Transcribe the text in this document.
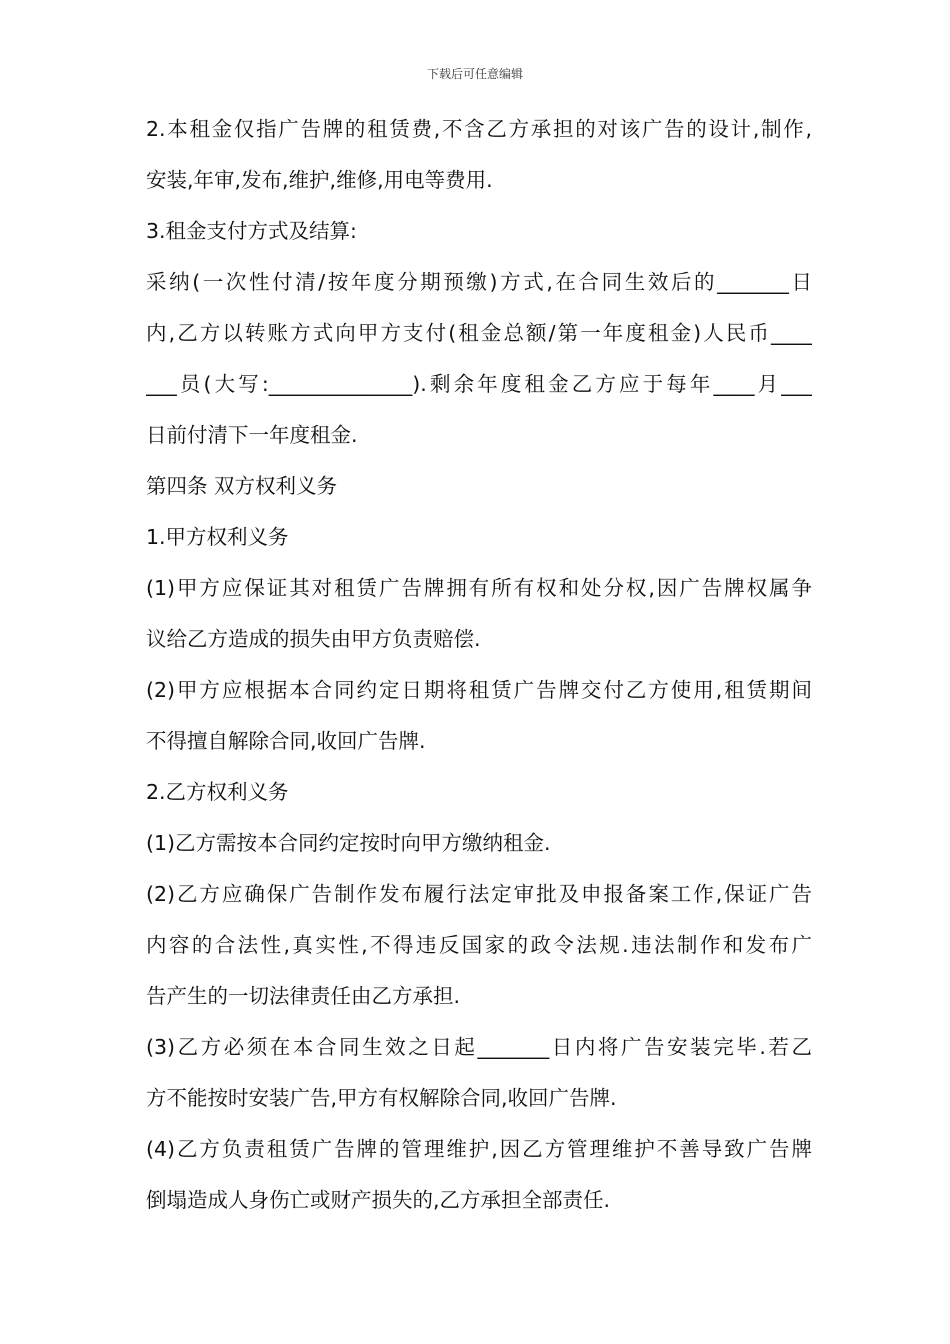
下载后可任意编辑
2.本租金仅指广告牌的租赁费,不含乙方承担的对该广告的设计,制作,
安装,年审,发布,维护,维修,用电等费用.
3.租金支付方式及结算:
采纳(一次性付清/按年度分期预缴)方式,在合同生效后的_______日
内,乙方以转账方式向甲方支付(租金总额/第一年度租金)人民币____
___员(大写:______________).剩余年度租金乙方应于每年____月___
日前付清下一年度租金.
第四条 双方权利义务
1.甲方权利义务
(1)甲方应保证其对租赁广告牌拥有所有权和处分权,因广告牌权属争
议给乙方造成的损失由甲方负责赔偿.
(2)甲方应根据本合同约定日期将租赁广告牌交付乙方使用,租赁期间
不得擅自解除合同,收回广告牌.
2.乙方权利义务
(1)乙方需按本合同约定按时向甲方缴纳租金.
(2)乙方应确保广告制作发布履行法定审批及申报备案工作,保证广告
内容的合法性,真实性,不得违反国家的政令法规.违法制作和发布广
告产生的一切法律责任由乙方承担.
(3)乙方必须在本合同生效之日起_______日内将广告安装完毕.若乙
方不能按时安装广告,甲方有权解除合同,收回广告牌.
(4)乙方负责租赁广告牌的管理维护,因乙方管理维护不善导致广告牌
倒塌造成人身伤亡或财产损失的,乙方承担全部责任.
